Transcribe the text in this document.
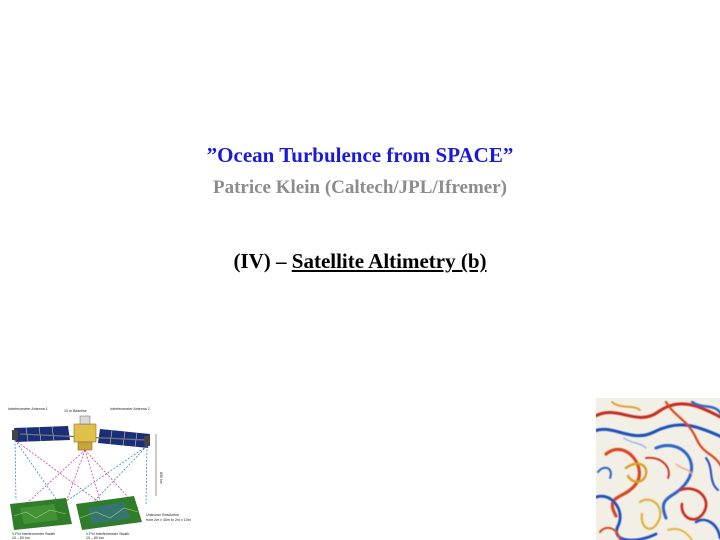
”Ocean Turbulence from SPACE”
Patrice Klein (Caltech/JPL/Ifremer)
(IV) – Satellite Altimetry (b)
Interferometer Antenna 1	10 m Baseline	Interferometer Antenna 2
890 km
V-Pol Interferometer Swath
10 – 60 km
V-Pol Interferometer Swath
10 – 60 km
Unknown Resolution
from 2m x 40m to 2m x 10m
